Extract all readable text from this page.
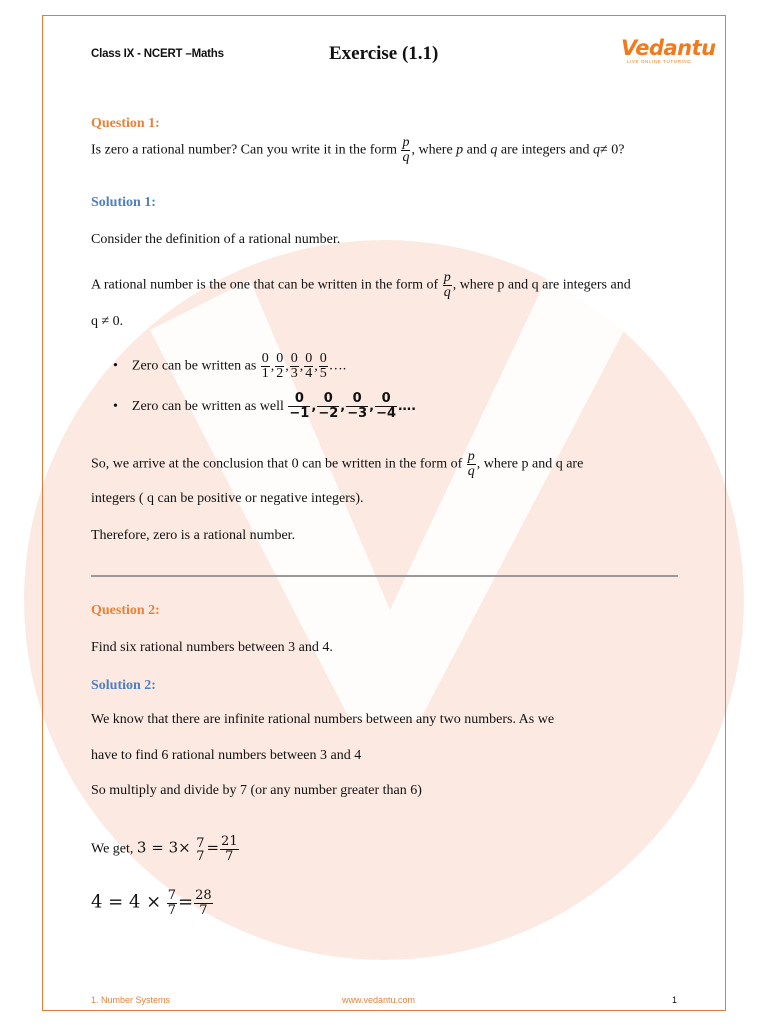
Class IX - NCERT –Maths	Exercise (1.1)	Vedantu
LIVE ONLINE TUTORING
Question 1:
Is zero a rational number? Can you write it in the form $\frac{p}{q}$ , where p and q are integers and q≠ 0?
Solution 1:
Consider the definition of a rational number.
A rational number is the one that can be written in the form of $\frac{p}{q}$ , where p and q are integers and
q ≠ 0.
• Zero can be written as $\frac{0}{1}$ , $\frac{0}{2}$ , $\frac{0}{3}$ , $\frac{0}{4}$ , $\frac{0}{5}$ ….
• Zero can be written as well $\frac{0}{-1}$ , $\frac{0}{-2}$ , $\frac{0}{-3}$ , $\frac{0}{-4}$ ….
So, we arrive at the conclusion that 0 can be written in the form of $\frac{p}{q}$ , where p and q are
integers ( q can be positive or negative integers).
Therefore, zero is a rational number.
Question 2:
Find six rational numbers between 3 and 4.
Solution 2:
We know that there are infinite rational numbers between any two numbers. As we
have to find 6 rational numbers between 3 and 4
So multiply and divide by 7 (or any number greater than 6)
We get, 3 = 3× 7
$7 = \frac{21}{7}$
$4 = 4 \times \frac{7}{7} = \frac{28}{7}$
1. Number Systems	www.vedantu.com	1
